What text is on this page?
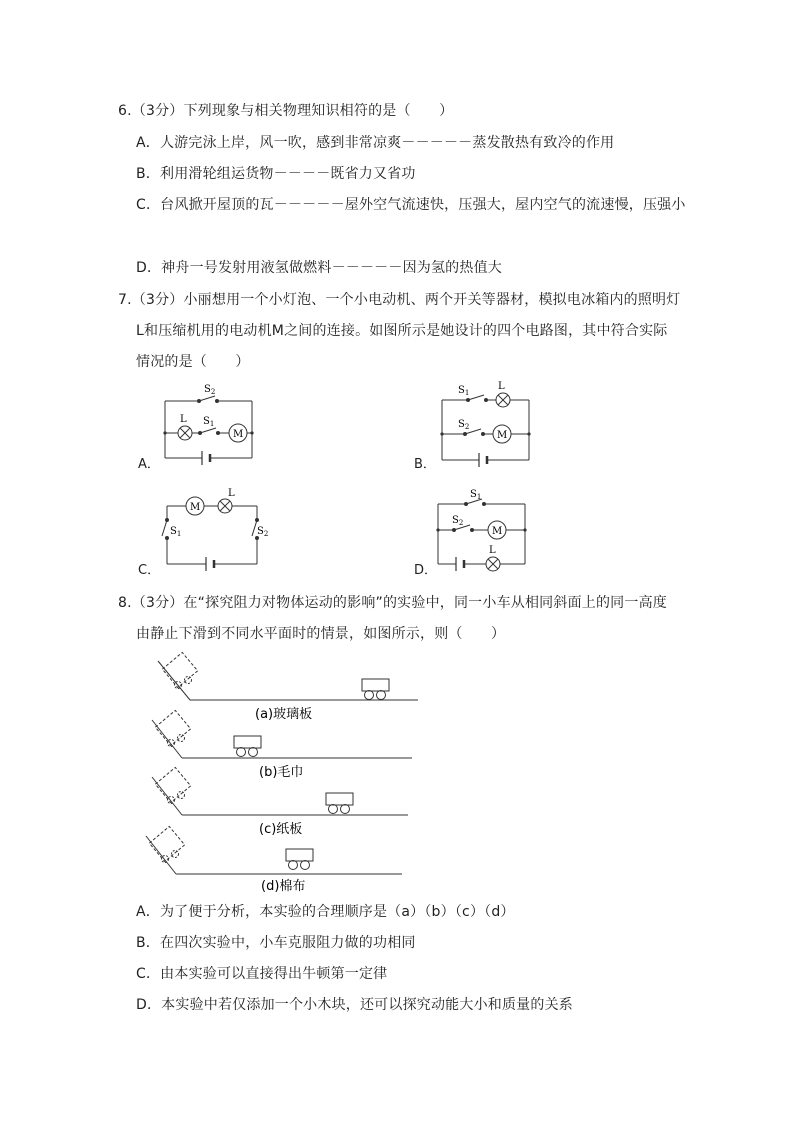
6.（3分）下列现象与相关物理知识相符的是（　　）
A．人游完泳上岸，风一吹，感到非常凉爽－－－－－蒸发散热有致冷的作用
B．利用滑轮组运货物－－－－既省力又省功
C．台风掀开屋顶的瓦－－－－－屋外空气流速快，压强大，屋内空气的流速慢，压强小
D．神舟一号发射用液氢做燃料－－－－－因为氢的热值大
7.（3分）小丽想用一个小灯泡、一个小电动机、两个开关等器材，模拟电冰箱内的照明灯
L和压缩机用的电动机M之间的连接。如图所示是她设计的四个电路图，其中符合实际
情况的是（　　）
A．
$S_2$
$S_1$
L
M
B．
$S_1$
L
$S_2$
M
C．
$S_1$	$S_2$
M
L
D．
$S_1$
$S_2$
M
L
8.（3分）在“探究阻力对物体运动的影响”的实验中，同一小车从相同斜面上的同一高度
由静止下滑到不同水平面时的情景，如图所示，则（　　）
(a)玻璃板
(b)毛巾
(c)纸板
(d)棉布
A．为了便于分析，本实验的合理顺序是（a）（b）（c）（d）
B．在四次实验中，小车克服阻力做的功相同
C．由本实验可以直接得出牛顿第一定律
D．本实验中若仅添加一个小木块，还可以探究动能大小和质量的关系
